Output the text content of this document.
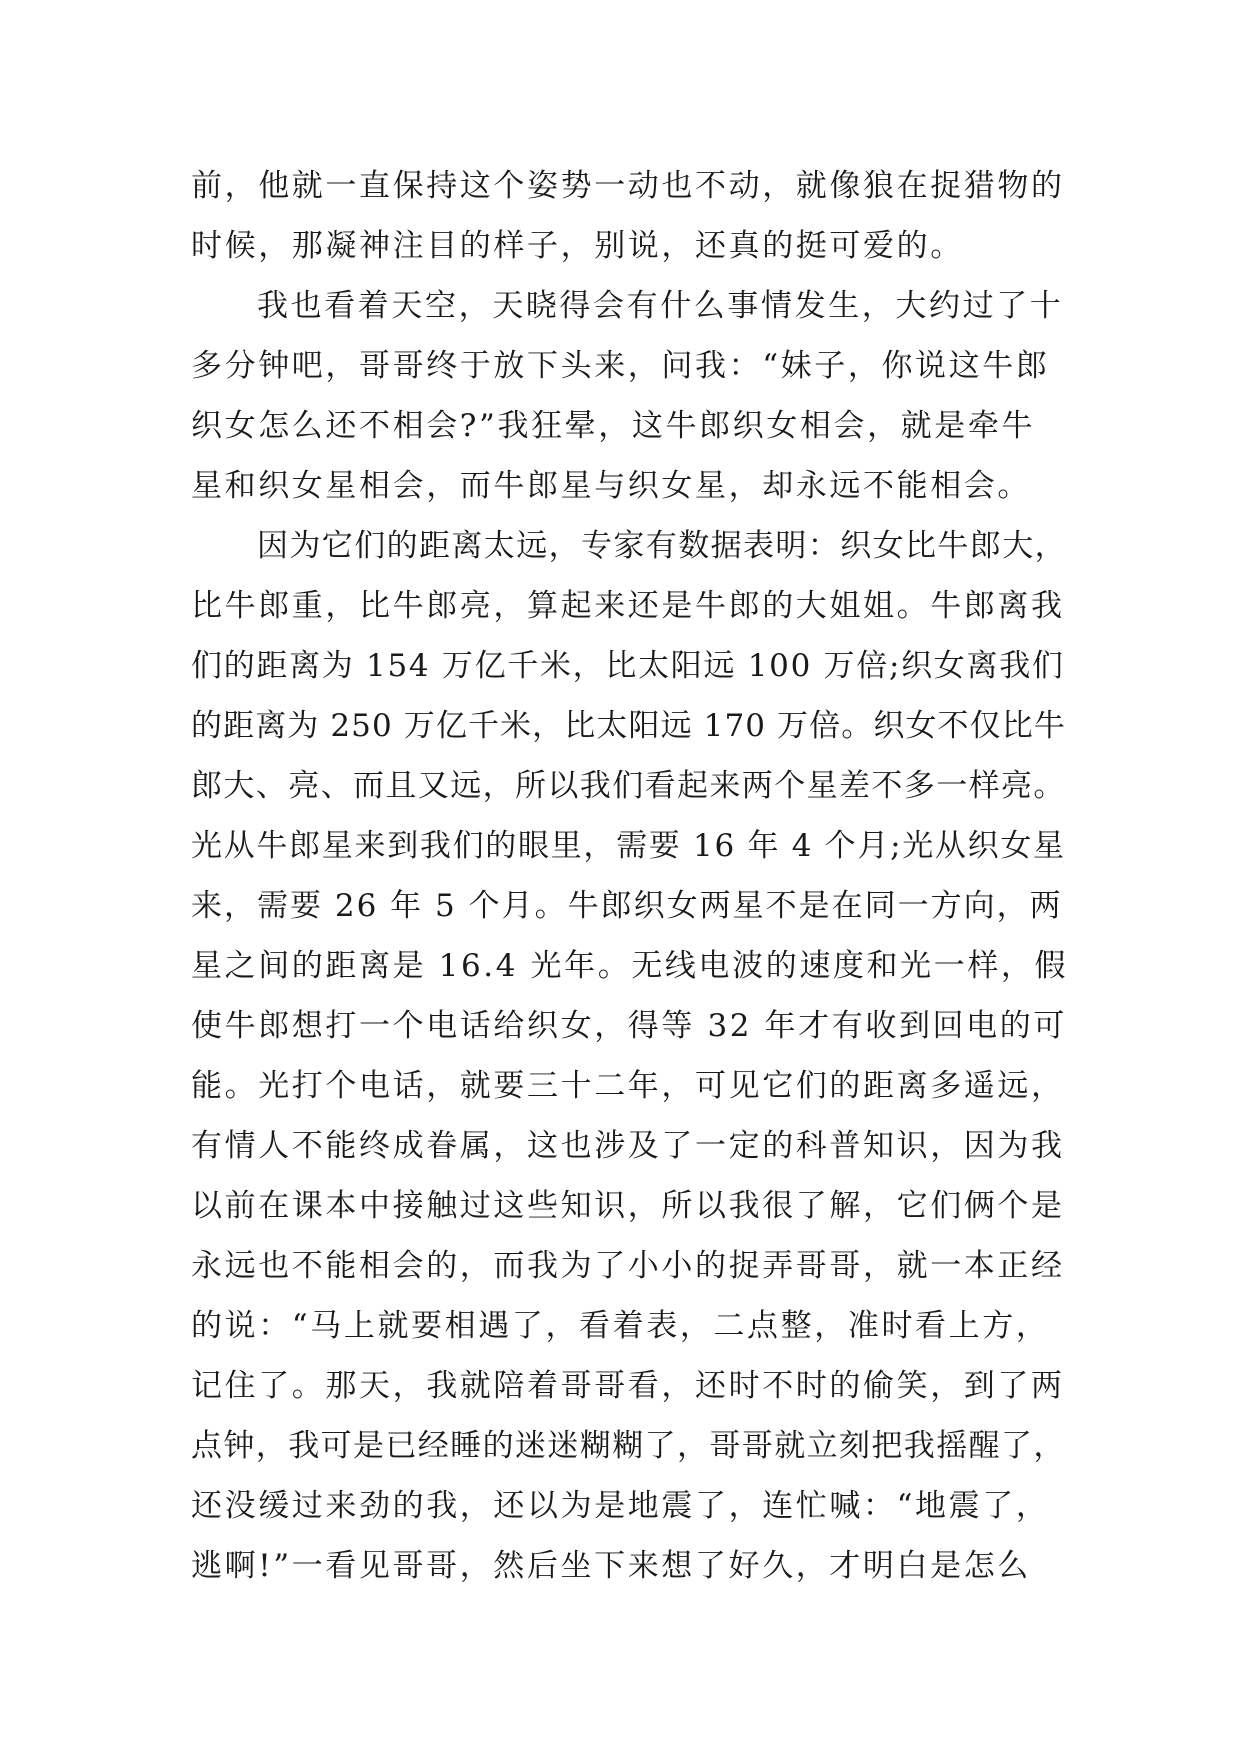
前，他就一直保持这个姿势一动也不动，就像狼在捉猎物的
时候，那凝神注目的样子，别说，还真的挺可爱的。
我也看着天空，天晓得会有什么事情发生，大约过了十
多分钟吧，哥哥终于放下头来，问我：“妹子，你说这牛郎
织女怎么还不相会?”我狂晕，这牛郎织女相会，就是牵牛
星和织女星相会，而牛郎星与织女星，却永远不能相会。
因为它们的距离太远，专家有数据表明：织女比牛郎大，
比牛郎重，比牛郎亮，算起来还是牛郎的大姐姐。牛郎离我
们的距离为 154 万亿千米，比太阳远 100 万倍;织女离我们
的距离为 250 万亿千米，比太阳远 170 万倍。织女不仅比牛
郎大、亮、而且又远，所以我们看起来两个星差不多一样亮。
光从牛郎星来到我们的眼里，需要 16 年 4 个月;光从织女星
来，需要 26 年 5 个月。牛郎织女两星不是在同一方向，两
星之间的距离是 16.4 光年。无线电波的速度和光一样，假
使牛郎想打一个电话给织女，得等 32 年才有收到回电的可
能。光打个电话，就要三十二年，可见它们的距离多遥远，
有情人不能终成眷属，这也涉及了一定的科普知识，因为我
以前在课本中接触过这些知识，所以我很了解，它们俩个是
永远也不能相会的，而我为了小小的捉弄哥哥，就一本正经
的说：“马上就要相遇了，看着表，二点整，准时看上方，
记住了。那天，我就陪着哥哥看，还时不时的偷笑，到了两
点钟，我可是已经睡的迷迷糊糊了，哥哥就立刻把我摇醒了，
还没缓过来劲的我，还以为是地震了，连忙喊：“地震了，
逃啊!”一看见哥哥，然后坐下来想了好久，才明白是怎么
